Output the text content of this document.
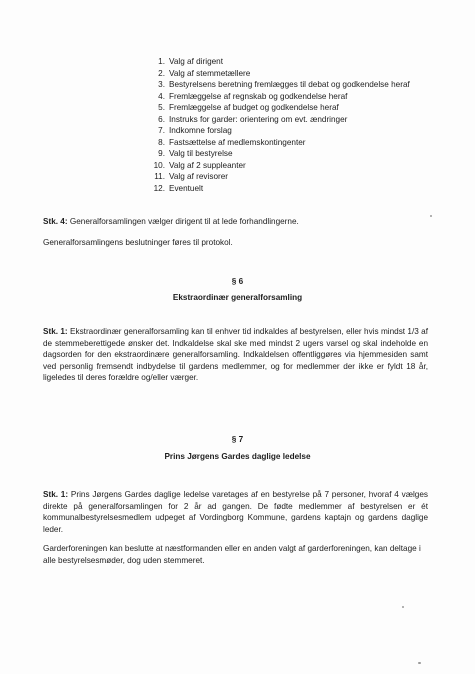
1. Valg af dirigent
2. Valg af stemmetællere
3. Bestyrelsens beretning fremlægges til debat og godkendelse heraf
4. Fremlæggelse af regnskab og godkendelse heraf
5. Fremlæggelse af budget og godkendelse heraf
6. Instruks for garder: orientering om evt. ændringer
7. Indkomne forslag
8. Fastsættelse af medlemskontingenter
9. Valg til bestyrelse
10. Valg af 2 suppleanter
11. Valg af revisorer
12. Eventuelt

Stk. 4: Generalforsamlingen vælger dirigent til at lede forhandlingerne.

Generalforsamlingens beslutninger føres til protokol.

§ 6

Ekstraordinær generalforsamling

Stk. 1: Ekstraordinær generalforsamling kan til enhver tid indkaldes af bestyrelsen, eller hvis mindst 1/3 af de stemmeberettigede ønsker det. Indkaldelse skal ske med mindst 2 ugers varsel og skal indeholde en dagsorden for den ekstraordinære generalforsamling. Indkaldelsen offentliggøres via hjemmesiden samt ved personlig fremsendt indbydelse til gardens medlemmer, og for medlemmer der ikke er fyldt 18 år, ligeledes til deres forældre og/eller værger.

§ 7

Prins Jørgens Gardes daglige ledelse

Stk. 1: Prins Jørgens Gardes daglige ledelse varetages af en bestyrelse på 7 personer, hvoraf 4 vælges direkte på generalforsamlingen for 2 år ad gangen. De fødte medlemmer af bestyrelsen er ét kommunalbestyrelsesmedlem udpeget af Vordingborg Kommune, gardens kaptajn og gardens daglige leder.

Garderforeningen kan beslutte at næstformanden eller en anden valgt af garderforeningen, kan deltage i alle bestyrelsesmøder, dog uden stemmeret.
